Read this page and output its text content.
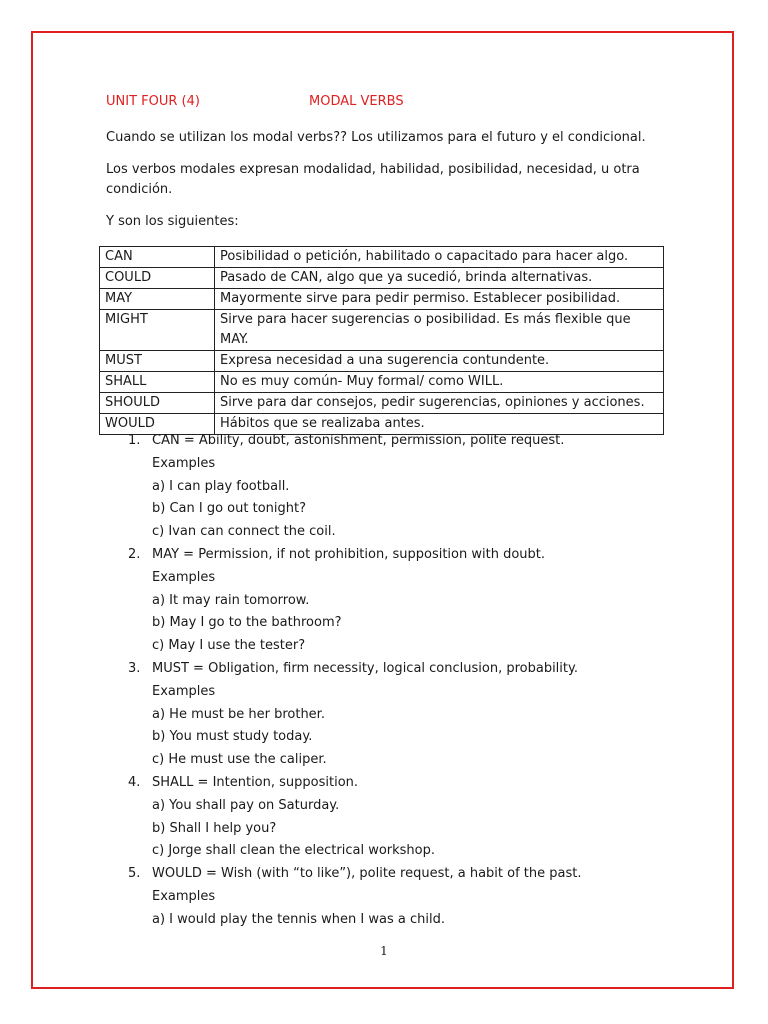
UNIT FOUR (4)	MODAL VERBS
Cuando se utilizan los modal verbs?? Los utilizamos para el futuro y el condicional.
Los verbos modales expresan modalidad, habilidad, posibilidad, necesidad, u otra condición.
Y son los siguientes:
CAN	Posibilidad o petición, habilitado o capacitado para hacer algo.
COULD	Pasado de CAN, algo que ya sucedió, brinda alternativas.
MAY	Mayormente sirve para pedir permiso. Establecer posibilidad.
MIGHT	Sirve para hacer sugerencias o posibilidad. Es más flexible que MAY.
MUST	Expresa necesidad a una sugerencia contundente.
SHALL	No es muy común- Muy formal/ como WILL.
SHOULD	Sirve para dar consejos, pedir sugerencias, opiniones y acciones.
WOULD	Hábitos que se realizaba antes.
1. CAN = Ability, doubt, astonishment, permission, polite request.
Examples
a) I can play football.
b) Can I go out tonight?
c) Ivan can connect the coil.
2. MAY = Permission, if not prohibition, supposition with doubt.
Examples
a) It may rain tomorrow.
b) May I go to the bathroom?
c) May I use the tester?
3. MUST = Obligation, firm necessity, logical conclusion, probability.
Examples
a) He must be her brother.
b) You must study today.
c) He must use the caliper.
4. SHALL = Intention, supposition.
a) You shall pay on Saturday.
b) Shall I help you?
c) Jorge shall clean the electrical workshop.
5. WOULD = Wish (with “to like”), polite request, a habit of the past.
Examples
a) I would play the tennis when I was a child.
1
